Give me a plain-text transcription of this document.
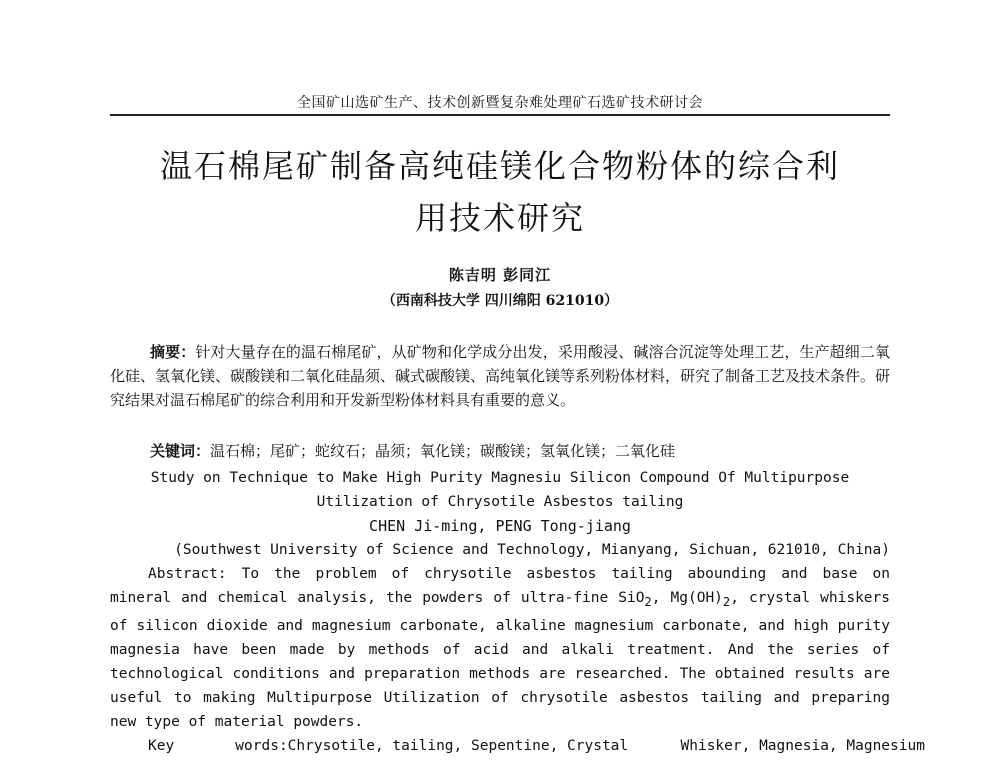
全国矿山选矿生产、技术创新暨复杂难处理矿石选矿技术研讨会
温石棉尾矿制备高纯硅镁化合物粉体的综合利
用技术研究
陈吉明 彭同江
（西南科技大学 四川绵阳 621010）
摘要：针对大量存在的温石棉尾矿，从矿物和化学成分出发，采用酸浸、碱溶合沉淀等处理工艺，生产超细二氧化硅、氢氧化镁、碳酸镁和二氧化硅晶须、碱式碳酸镁、高纯氧化镁等系列粉体材料，研究了制备工艺及技术条件。研究结果对温石棉尾矿的综合利用和开发新型粉体材料具有重要的意义。
关键词：温石棉；尾矿；蛇纹石；晶须；氧化镁；碳酸镁；氢氧化镁；二氧化硅
Study on Technique to Make High Purity Magnesiu Silicon Compound Of Multipurpose
Utilization of Chrysotile Asbestos tailing
CHEN Ji-ming, PENG Tong-jiang
(Southwest University of Science and Technology, Mianyang, Sichuan, 621010, China)
Abstract: To the problem of chrysotile asbestos tailing abounding and base on mineral and chemical analysis, the powders of ultra-fine SiO$_2$, $Mg(OH)_2$, crystal whiskers of silicon dioxide and magnesium carbonate, alkaline magnesium carbonate, and high purity magnesia have been made by methods of acid and alkali treatment. And the series of technological conditions and preparation methods are researched. The obtained results are useful to making Multipurpose Utilization of chrysotile asbestos tailing and preparing new type of material powders.
Key       words:Chrysotile, tailing, Sepentine, Crystal      Whisker, Magnesia, Magnesium
